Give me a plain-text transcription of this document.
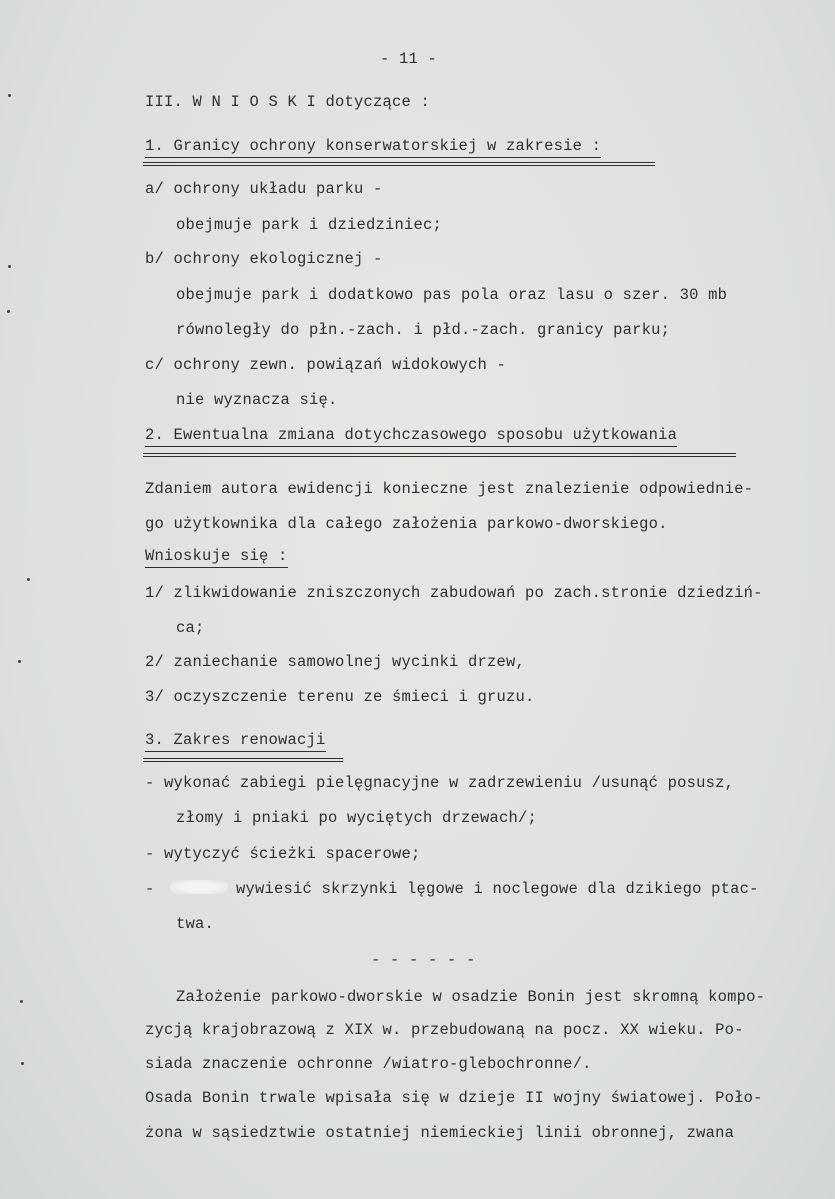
- 11 -
III. W N I O S K I dotyczące :
1. Granicy ochrony konserwatorskiej w zakresie :
a/ ochrony układu parku -
obejmuje park i dziedziniec;
b/ ochrony ekologicznej -
obejmuje park i dodatkowo pas pola oraz lasu o szer. 30 mb
równoległy do płn.-zach. i płd.-zach. granicy parku;
c/ ochrony zewn. powiązań widokowych -
nie wyznacza się.
2. Ewentualna zmiana dotychczasowego sposobu użytkowania
Zdaniem autora ewidencji konieczne jest znalezienie odpowiednie-
go użytkownika dla całego założenia parkowo-dworskiego.
Wnioskuje się :
1/ zlikwidowanie zniszczonych zabudowań po zach.stronie dziedziń-
ca;
2/ zaniechanie samowolnej wycinki drzew,
3/ oczyszczenie terenu ze śmieci i gruzu.
3. Zakres renowacji
- wykonać zabiegi pielęgnacyjne w zadrzewieniu /usunąć posusz,
złomy i pniaki po wyciętych drzewach/;
- wytyczyć ścieżki spacerowe;
-	wywiesić skrzynki lęgowe i noclegowe dla dzikiego ptac-
twa.
- - - - - -
Założenie parkowo-dworskie w osadzie Bonin jest skromną kompo-
zycją krajobrazową z XIX w. przebudowaną na pocz. XX wieku. Po-
siada znaczenie ochronne /wiatro-glebochronne/.
Osada Bonin trwale wpisała się w dzieje II wojny światowej. Poło-
żona w sąsiedztwie ostatniej niemieckiej linii obronnej, zwana
